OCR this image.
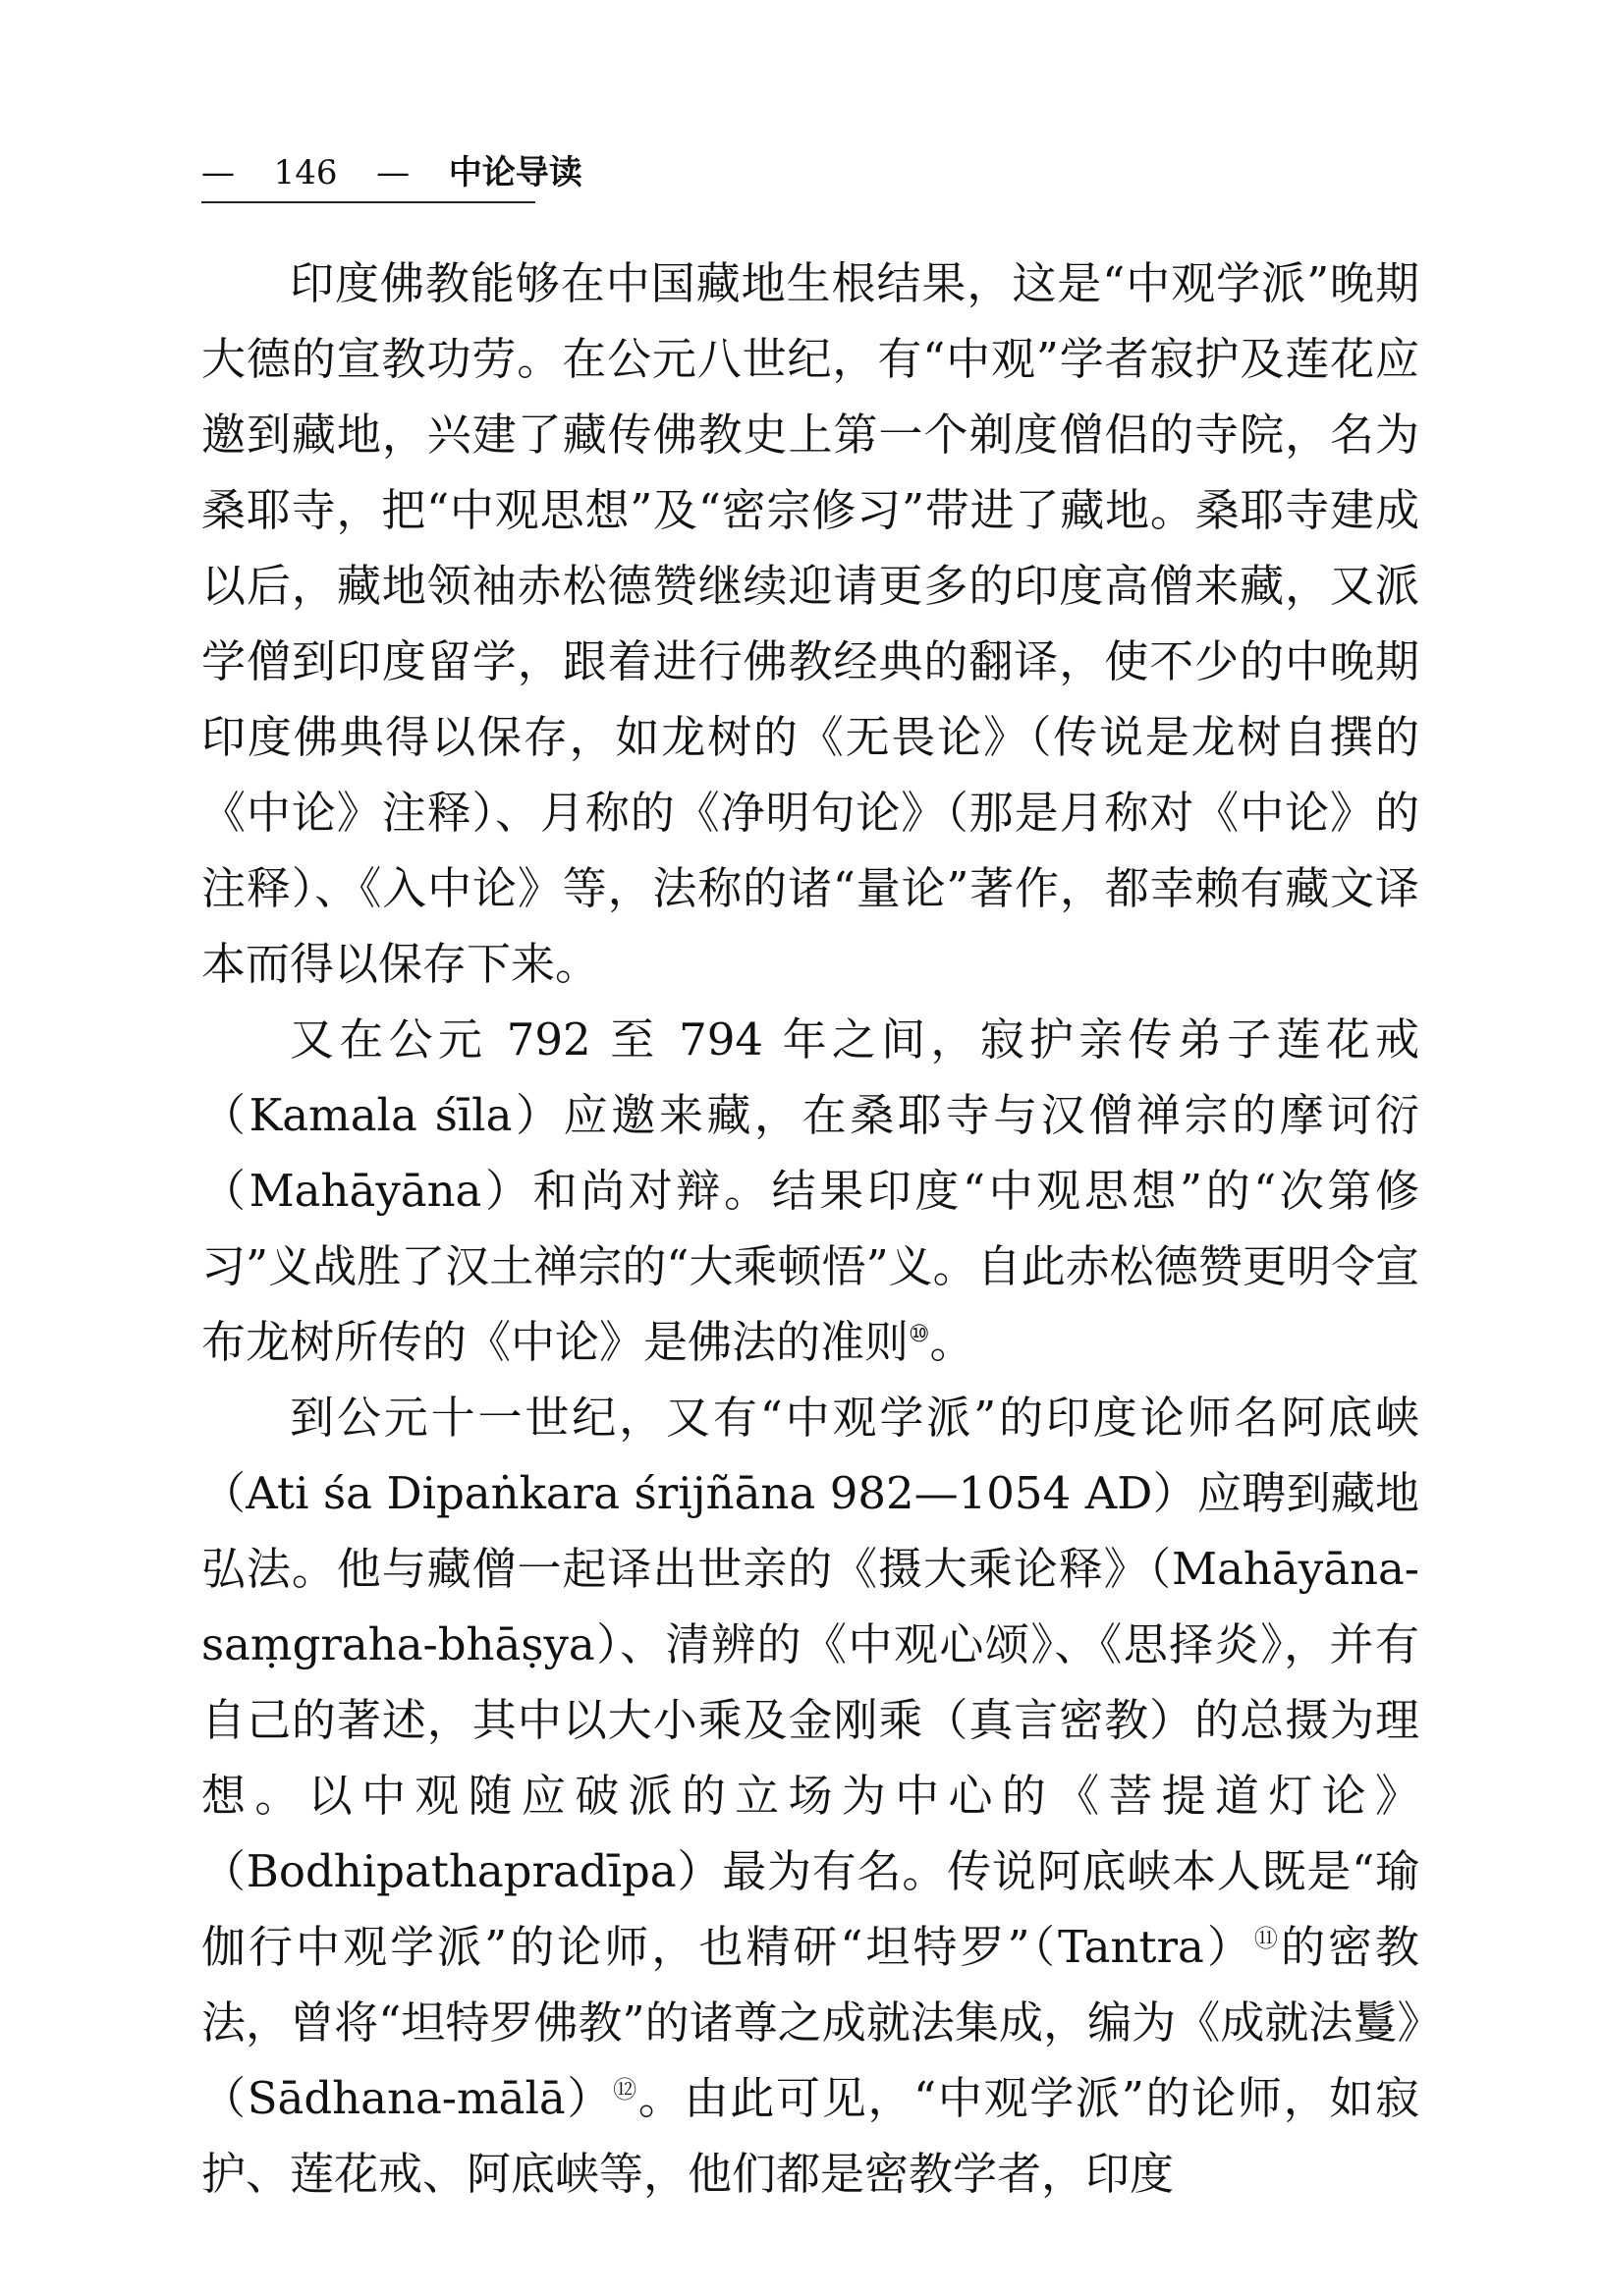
— 146 — 中论导读

印度佛教能够在中国藏地生根结果，这是“中观学派”晚期大德的宣教功劳。在公元八世纪，有“中观”学者寂护及莲花应邀到藏地，兴建了藏传佛教史上第一个剃度僧侣的寺院，名为桑耶寺，把“中观思想”及“密宗修习”带进了藏地。桑耶寺建成以后，藏地领袖赤松德赞继续迎请更多的印度高僧来藏，又派学僧到印度留学，跟着进行佛教经典的翻译，使不少的中晚期印度佛典得以保存，如龙树的《无畏论》（传说是龙树自撰的《中论》注释）、月称的《净明句论》（那是月称对《中论》的注释）、《入中论》等，法称的诸“量论”著作，都幸赖有藏文译本而得以保存下来。

又在公元 792 至 794 年之间，寂护亲传弟子莲花戒（Kamala śīla）应邀来藏，在桑耶寺与汉僧禅宗的摩诃衍（Mahāyāna）和尚对辩。结果印度“中观思想”的“次第修习”义战胜了汉土禅宗的“大乘顿悟”义。自此赤松德赞更明令宣布龙树所传的《中论》是佛法的准则⑩。

到公元十一世纪，又有“中观学派”的印度论师名阿底峡（Ati śa Dipaṅkara śrijñāna 982—1054 AD）应聘到藏地弘法。他与藏僧一起译出世亲的《摄大乘论释》（Mahāyāna-saṃgraha-bhāṣya）、清辨的《中观心颂》、《思择炎》，并有自己的著述，其中以大小乘及金刚乘（真言密教）的总摄为理想。以中观随应破派的立场为中心的《菩提道灯论》（Bodhipathapradīpa）最为有名。传说阿底峡本人既是“瑜伽行中观学派”的论师，也精研“坦特罗”（Tantra）⑪的密教法，曾将“坦特罗佛教”的诸尊之成就法集成，编为《成就法鬘》（Sādhana-mālā）⑫。由此可见，“中观学派”的论师，如寂护、莲花戒、阿底峡等，他们都是密教学者，印度
